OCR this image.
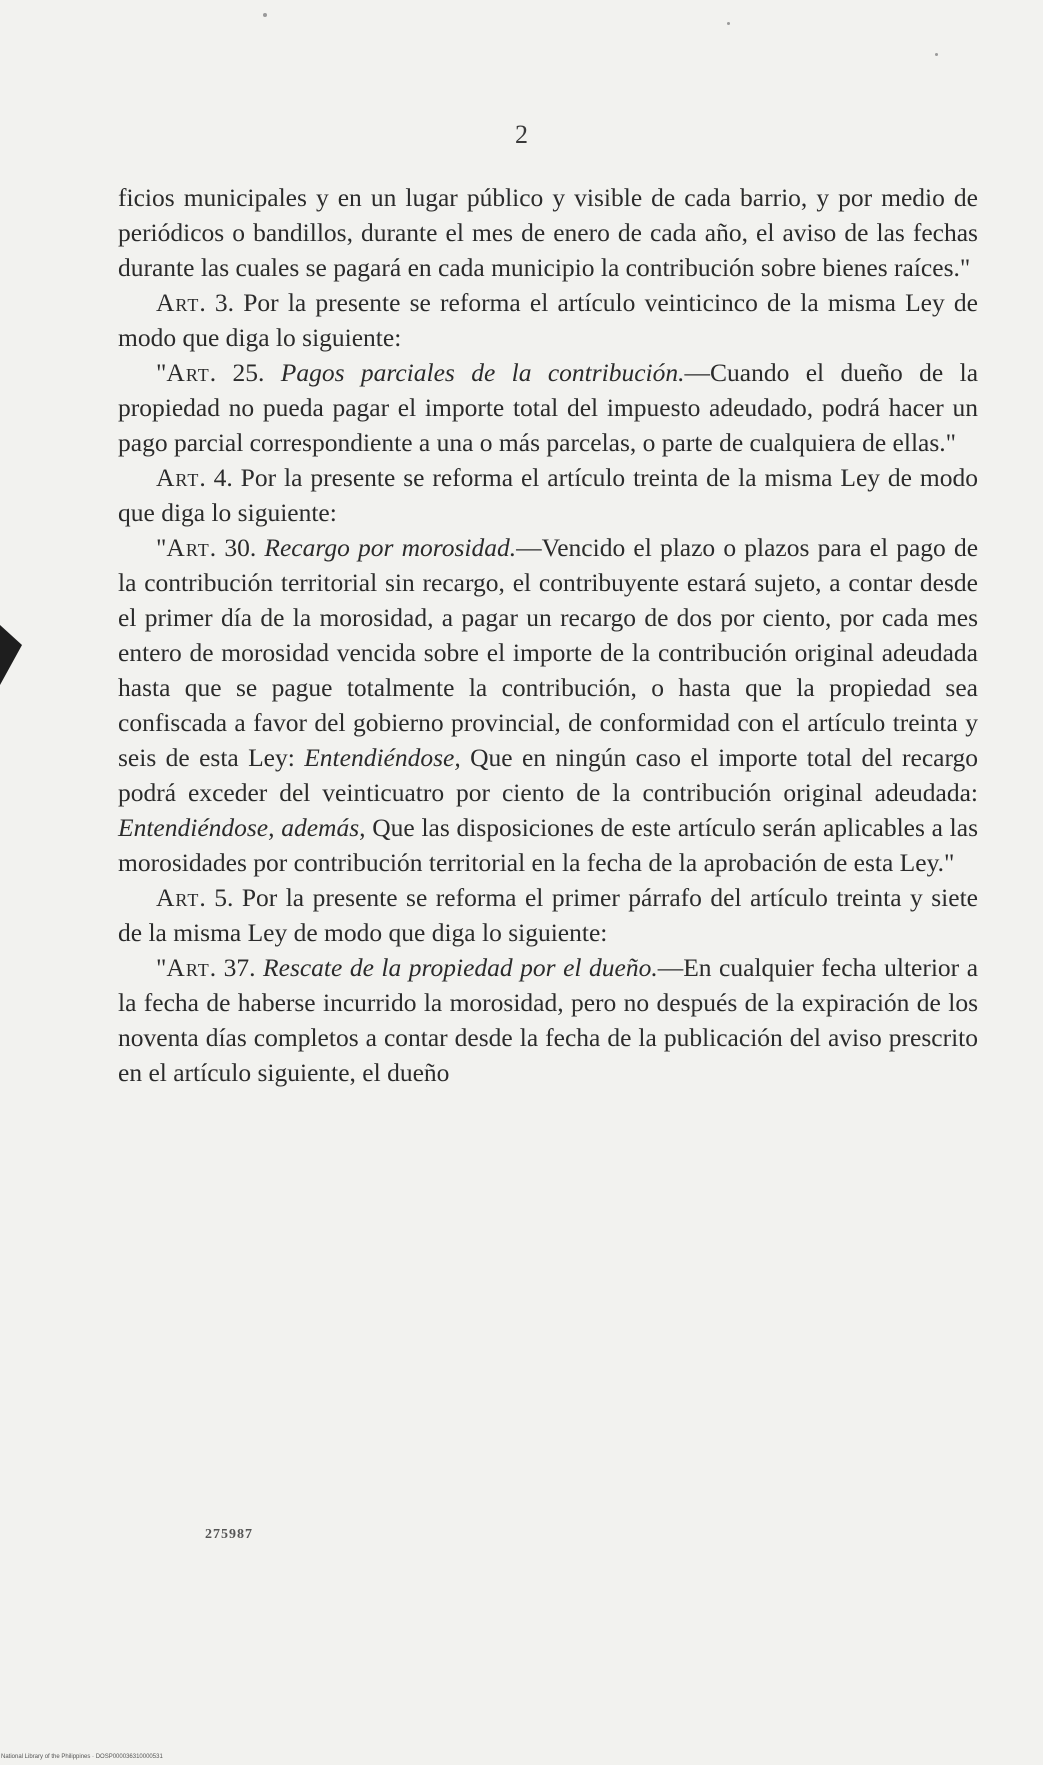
2

ficios municipales y en un lugar público y visible de cada barrio, y por medio de periódicos o bandillos, durante el mes de enero de cada año, el aviso de las fechas durante las cuales se pagará en cada municipio la contribución sobre bienes raíces."

Art. 3. Por la presente se reforma el artículo veinticinco de la misma Ley de modo que diga lo siguiente:

"Art. 25. Pagos parciales de la contribución.—Cuando el dueño de la propiedad no pueda pagar el importe total del impuesto adeudado, podrá hacer un pago parcial correspondiente a una o más parcelas, o parte de cualquiera de ellas."

Art. 4. Por la presente se reforma el artículo treinta de la misma Ley de modo que diga lo siguiente:

"Art. 30. Recargo por morosidad.—Vencido el plazo o plazos para el pago de la contribución territorial sin recargo, el contribuyente estará sujeto, a contar desde el primer día de la morosidad, a pagar un recargo de dos por ciento, por cada mes entero de morosidad vencida sobre el importe de la contribución original adeudada hasta que se pague totalmente la contribución, o hasta que la propiedad sea confiscada a favor del gobierno provincial, de conformidad con el artículo treinta y seis de esta Ley: Entendiéndose, Que en ningún caso el importe total del recargo podrá exceder del veinticuatro por ciento de la contribución original adeudada: Entendiéndose, además, Que las disposiciones de este artículo serán aplicables a las morosidades por contribución territorial en la fecha de la aprobación de esta Ley."

Art. 5. Por la presente se reforma el primer párrafo del artículo treinta y siete de la misma Ley de modo que diga lo siguiente:

"Art. 37. Rescate de la propiedad por el dueño.—En cualquier fecha ulterior a la fecha de haberse incurrido la morosidad, pero no después de la expiración de los noventa días completos a contar desde la fecha de la publicación del aviso prescrito en el artículo siguiente, el dueño

275987
National Library of the Philippines · DOSP000036310000531
